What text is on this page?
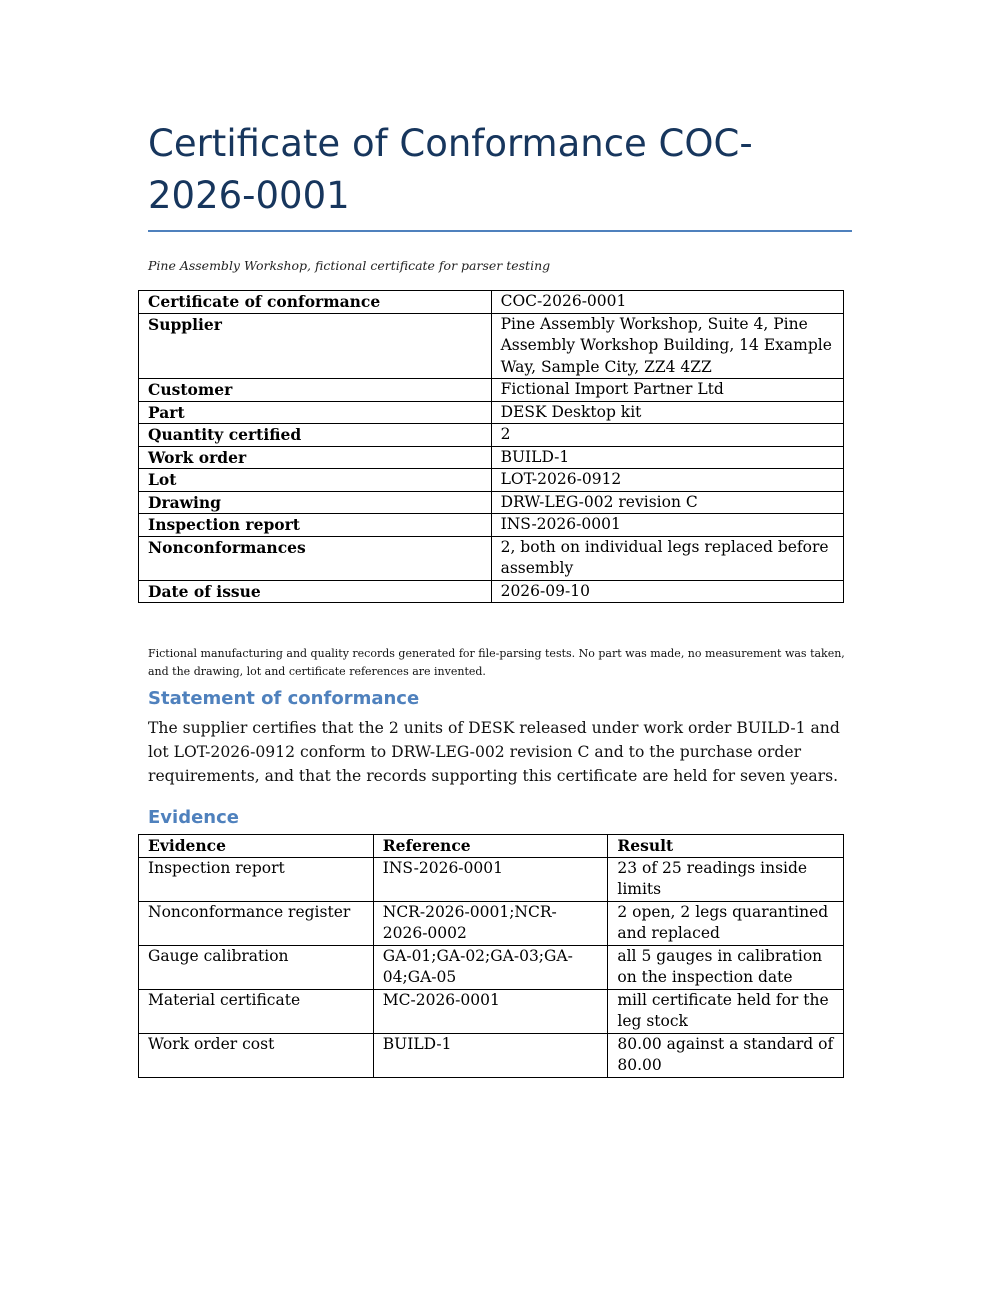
Certificate of Conformance COC-2026-0001

Pine Assembly Workshop, fictional certificate for parser testing

Certificate of conformance	COC-2026-0001
Supplier	Pine Assembly Workshop, Suite 4, Pine Assembly Workshop Building, 14 Example Way, Sample City, ZZ4 4ZZ
Customer	Fictional Import Partner Ltd
Part	DESK Desktop kit
Quantity certified	2
Work order	BUILD-1
Lot	LOT-2026-0912
Drawing	DRW-LEG-002 revision C
Inspection report	INS-2026-0001
Nonconformances	2, both on individual legs replaced before assembly
Date of issue	2026-09-10

Fictional manufacturing and quality records generated for file-parsing tests. No part was made, no measurement was taken, and the drawing, lot and certificate references are invented.

Statement of conformance

The supplier certifies that the 2 units of DESK released under work order BUILD-1 and lot LOT-2026-0912 conform to DRW-LEG-002 revision C and to the purchase order requirements, and that the records supporting this certificate are held for seven years.

Evidence
Evidence	Reference	Result
Inspection report	INS-2026-0001	23 of 25 readings inside limits
Nonconformance register	NCR-2026-0001;NCR-2026-0002	2 open, 2 legs quarantined and replaced
Gauge calibration	GA-01;GA-02;GA-03;GA-04;GA-05	all 5 gauges in calibration on the inspection date
Material certificate	MC-2026-0001	mill certificate held for the leg stock
Work order cost	BUILD-1	80.00 against a standard of 80.00
